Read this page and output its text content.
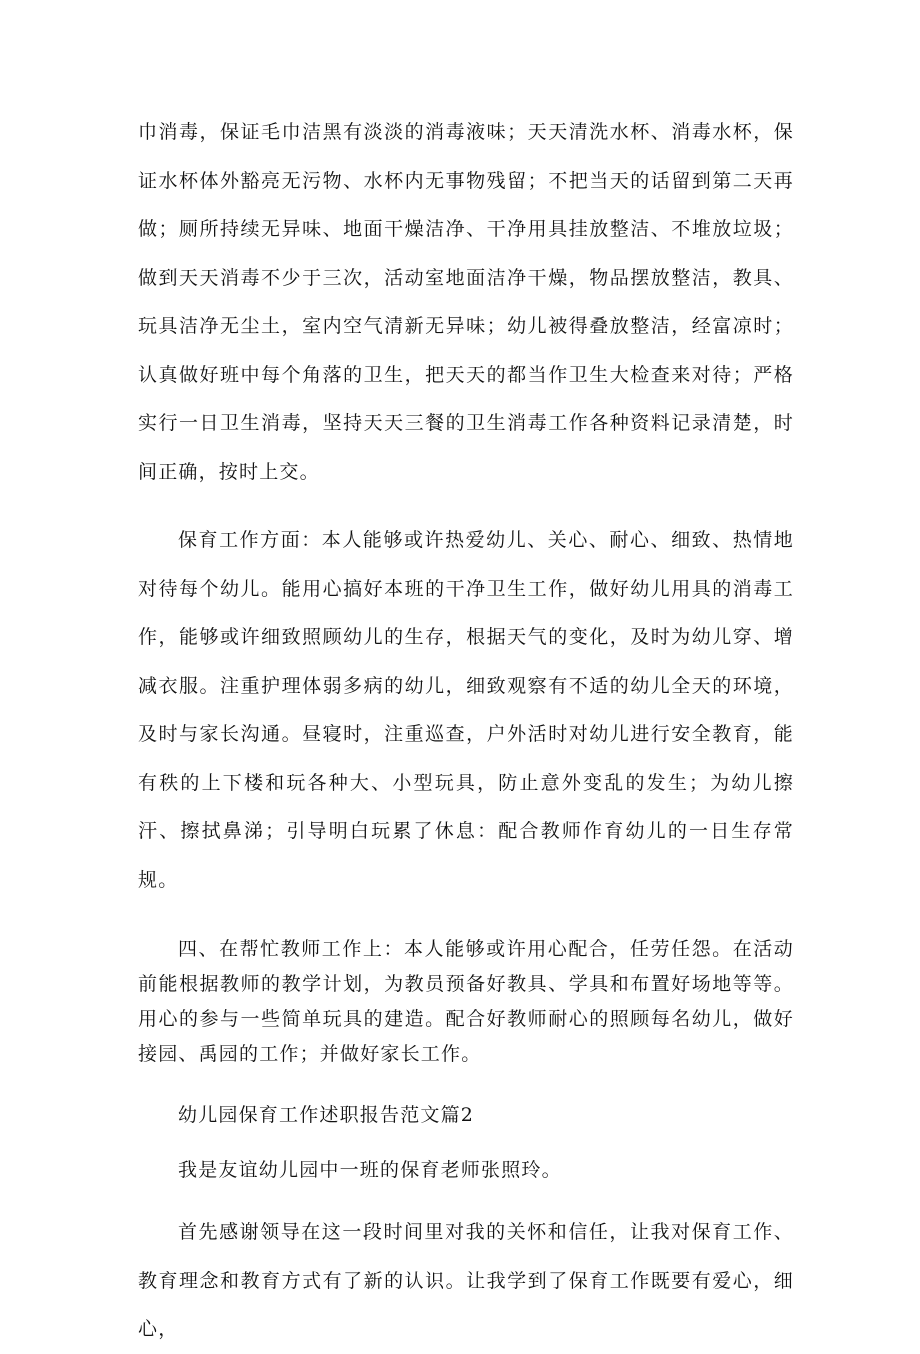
巾消毒，保证毛巾洁黑有淡淡的消毒液味；天天清洗水杯、消毒水杯，保证水杯体外豁亮无污物、水杯内无事物残留；不把当天的话留到第二天再做；厕所持续无异味、地面干燥洁净、干净用具挂放整洁、不堆放垃圾；做到天天消毒不少于三次，活动室地面洁净干燥，物品摆放整洁，教具、玩具洁净无尘土，室内空气清新无异味；幼儿被得叠放整洁，经富凉时；认真做好班中每个角落的卫生，把天天的都当作卫生大检查来对待；严格实行一日卫生消毒，坚持天天三餐的卫生消毒工作各种资料记录清楚，时间正确，按时上交。

保育工作方面：本人能够或许热爱幼儿、关心、耐心、细致、热情地对待每个幼儿。能用心搞好本班的干净卫生工作，做好幼儿用具的消毒工作，能够或许细致照顾幼儿的生存，根据天气的变化，及时为幼儿穿、增减衣服。注重护理体弱多病的幼儿，细致观察有不适的幼儿全天的环境，及时与家长沟通。昼寝时，注重巡查，户外活时对幼儿进行安全教育，能有秩的上下楼和玩各种大、小型玩具，防止意外变乱的发生；为幼儿擦汗、擦拭鼻涕；引导明白玩累了休息：配合教师作育幼儿的一日生存常规。

四、在帮忙教师工作上：本人能够或许用心配合，任劳任怨。在活动前能根据教师的教学计划，为教员预备好教具、学具和布置好场地等等。用心的参与一些简单玩具的建造。配合好教师耐心的照顾每名幼儿，做好接园、禹园的工作；并做好家长工作。

幼儿园保育工作述职报告范文篇2

我是友谊幼儿园中一班的保育老师张照玲。

首先感谢领导在这一段时间里对我的关怀和信任，让我对保育工作、教育理念和教育方式有了新的认识。让我学到了保育工作既要有爱心，细心，
